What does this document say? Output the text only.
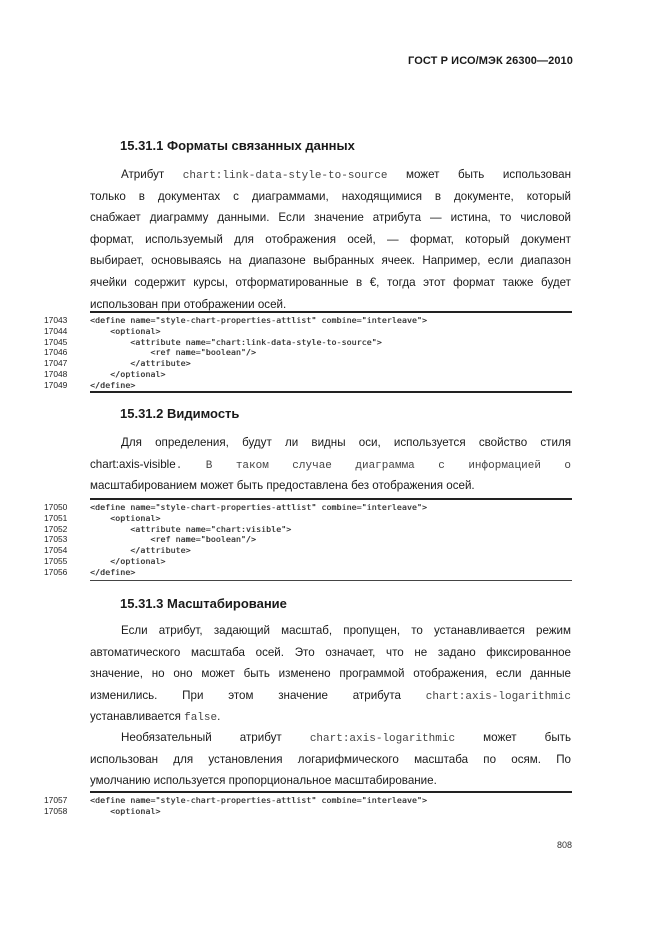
ГОСТ Р ИСО/МЭК 26300—2010
15.31.1 Форматы связанных данных
Атрибут chart:link-data-style-to-source может быть использован
только в документах с диаграммами, находящимися в документе, который
снабжает диаграмму данными. Если значение атрибута — истина, то числовой
формат, используемый для отображения осей, — формат, который документ
выбирает, основываясь на диапазоне выбранных ячеек. Например, если диапазон
ячейки содержит курсы, отформатированные в €, тогда этот формат также будет
использован при отображении осей.
17043	<define name="style-chart-properties-attlist" combine="interleave">
17044	<optional>
17045	<attribute name="chart:link-data-style-to-source">
17046	<ref name="boolean"/>
17047	</attribute>
17048	</optional>
17049	</define>
15.31.2 Видимость
Для определения, будут ли видны оси, используется свойство стиля
chart:axis-visible. В таком случае диаграмма с информацией о
масштабированием может быть предоставлена без отображения осей.
17050	<define name="style-chart-properties-attlist" combine="interleave">
17051	<optional>
17052	<attribute name="chart:visible">
17053	<ref name="boolean"/>
17054	</attribute>
17055	</optional>
17056	</define>
15.31.3 Масштабирование
Если атрибут, задающий масштаб, пропущен, то устанавливается режим
автоматического масштаба осей. Это означает, что не задано фиксированное
значение, но оно может быть изменено программой отображения, если данные
изменились. При этом значение атрибута chart:axis-logarithmic
устанавливается false.
Необязательный атрибут chart:axis-logarithmic может быть
использован для установления логарифмического масштаба по осям. По
умолчанию используется пропорциональное масштабирование.
17057	<define name="style-chart-properties-attlist" combine="interleave">
17058	<optional>
808
